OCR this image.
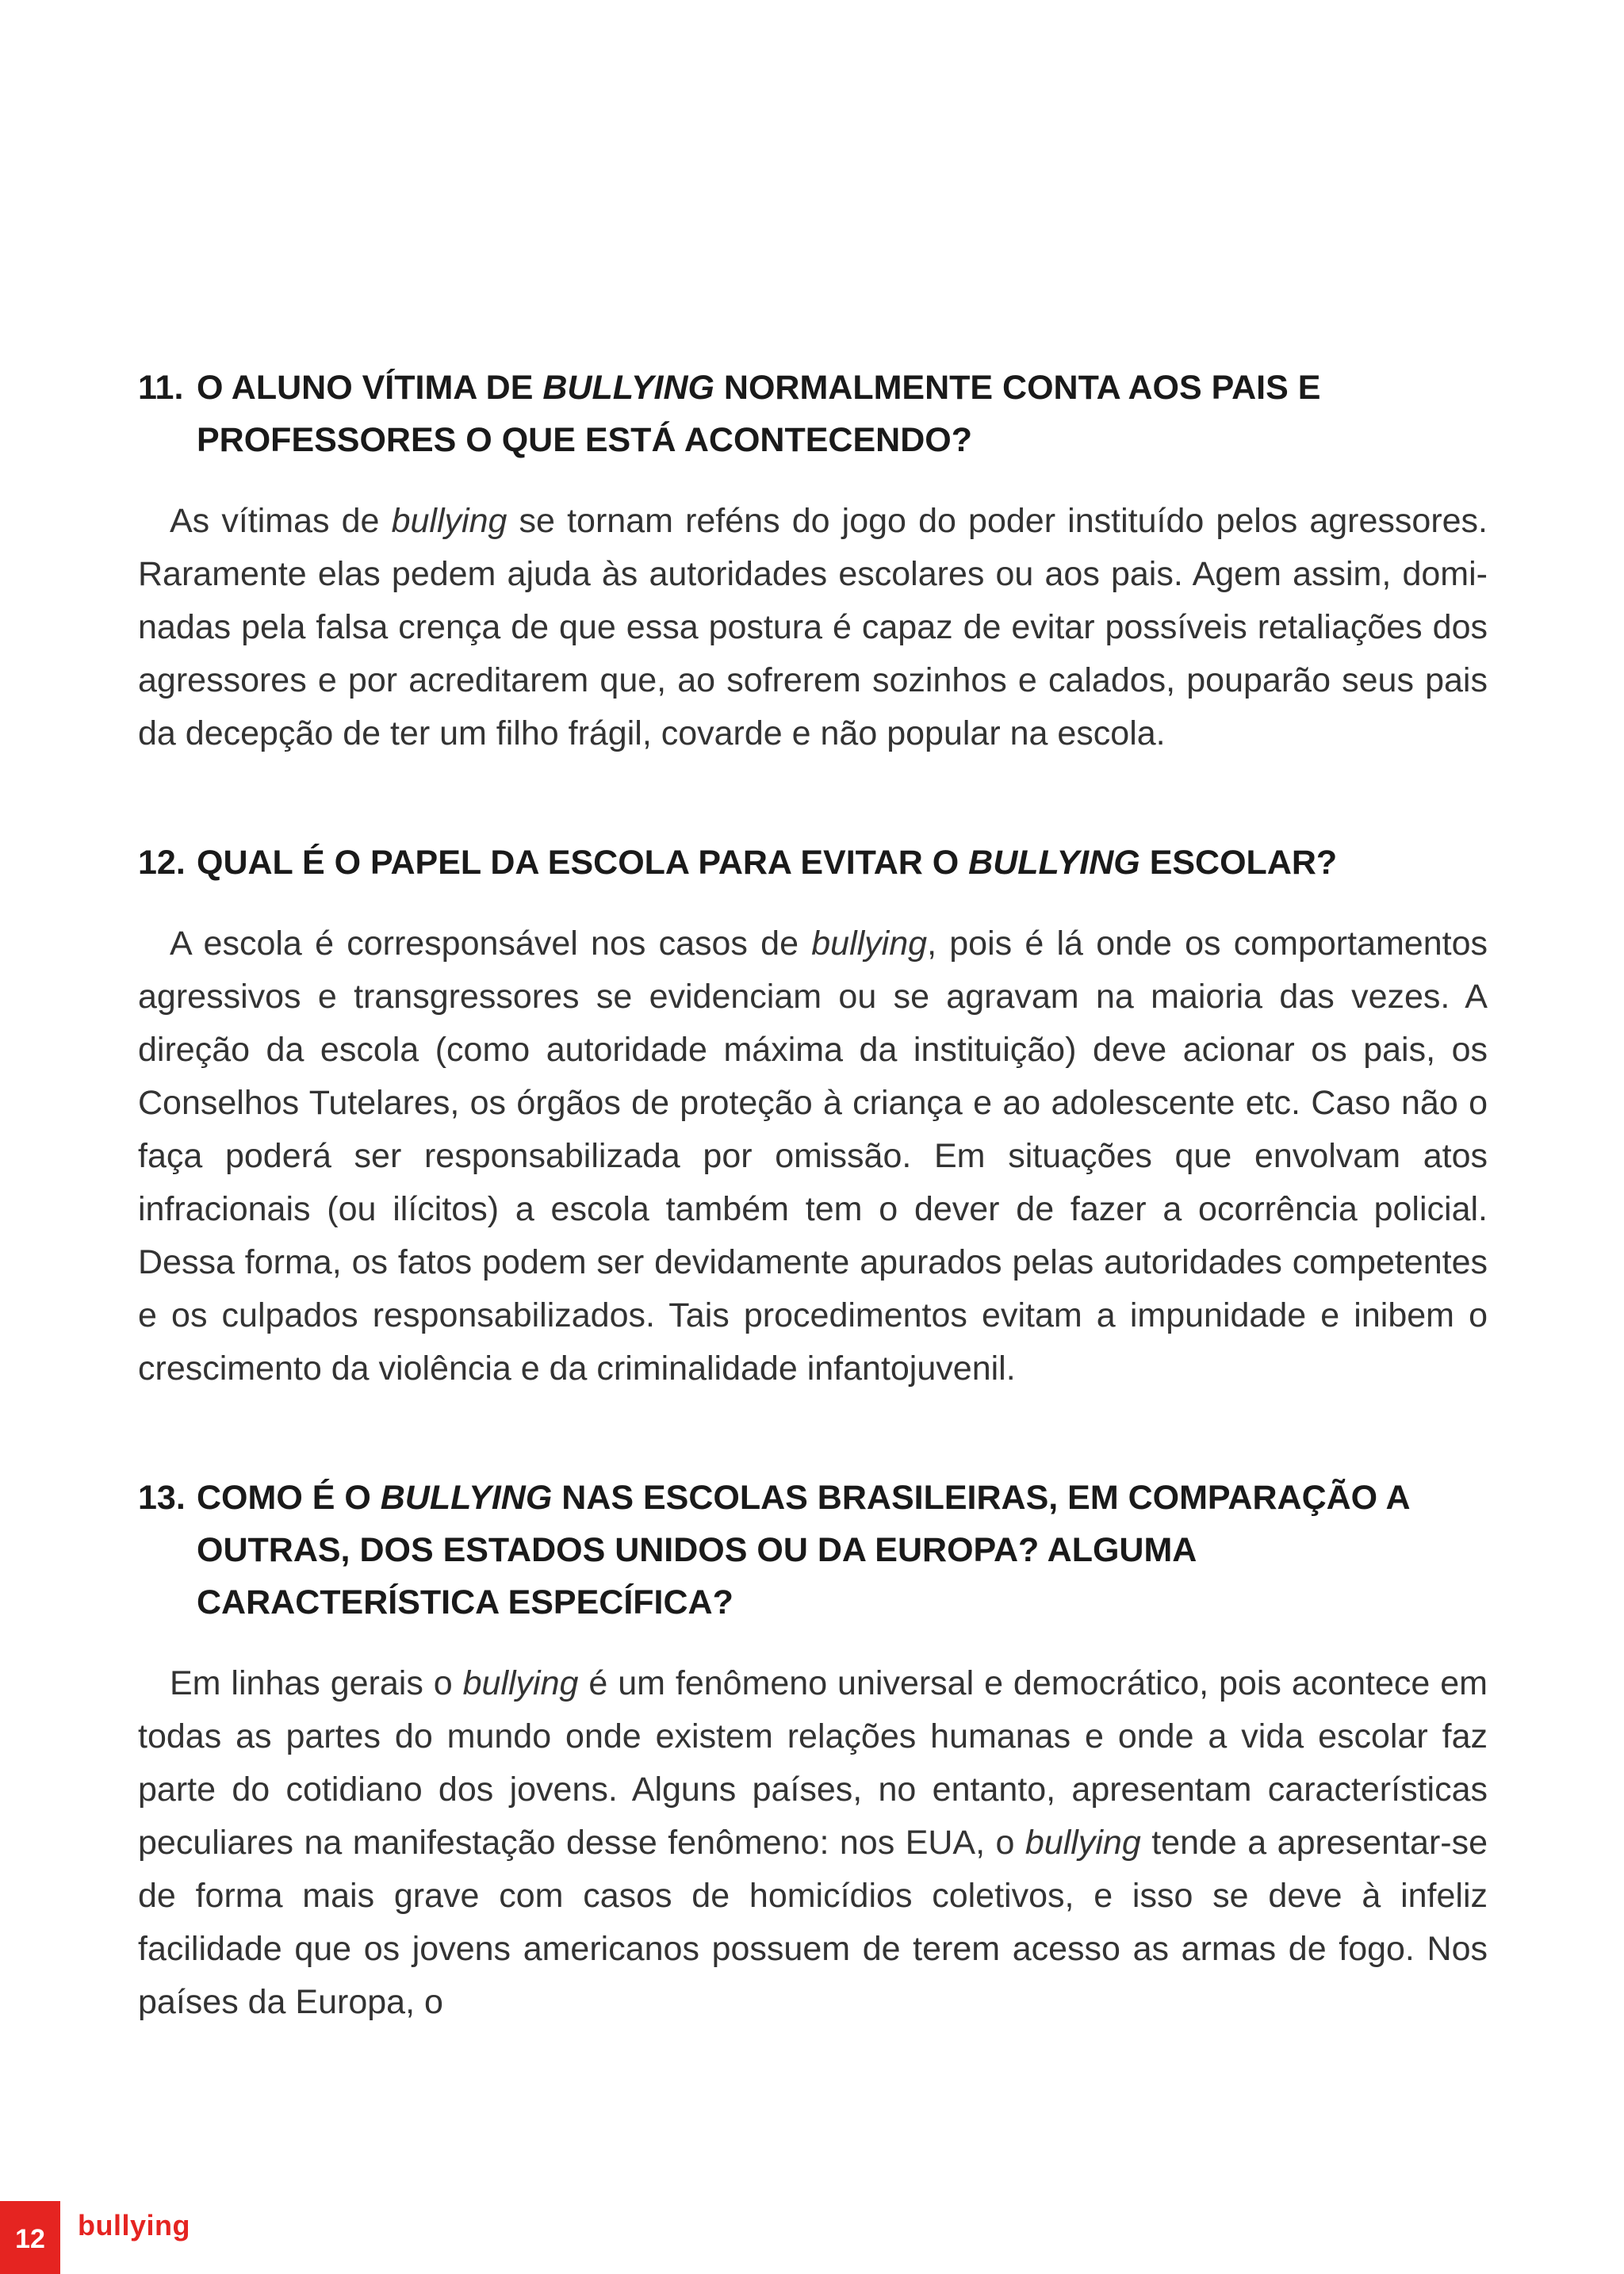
11. O ALUNO VÍTIMA DE BULLYING NORMALMENTE CONTA AOS PAIS E PROFESSORES O QUE ESTÁ ACONTECENDO?

As vítimas de bullying se tornam reféns do jogo do poder instituído pelos agressores. Raramente elas pedem ajuda às autoridades escolares ou aos pais. Agem assim, dominadas pela falsa crença de que essa postura é capaz de evitar possíveis retaliações dos agressores e por acreditarem que, ao sofrerem sozinhos e calados, pouparão seus pais da decepção de ter um filho frágil, covarde e não popular na escola.

12. QUAL É O PAPEL DA ESCOLA PARA EVITAR O BULLYING ESCOLAR?

A escola é corresponsável nos casos de bullying, pois é lá onde os comportamentos agressivos e transgressores se evidenciam ou se agravam na maioria das vezes. A direção da escola (como autoridade máxima da instituição) deve acionar os pais, os Conselhos Tutelares, os órgãos de proteção à criança e ao adolescente etc. Caso não o faça poderá ser responsabilizada por omissão. Em situações que envolvam atos infracionais (ou ilícitos) a escola também tem o dever de fazer a ocorrência policial. Dessa forma, os fatos podem ser devidamente apurados pelas autoridades competentes e os culpados responsabilizados. Tais procedimentos evitam a impunidade e inibem o crescimento da violência e da criminalidade infantojuvenil.

13. COMO É O BULLYING NAS ESCOLAS BRASILEIRAS, EM COMPARAÇÃO A OUTRAS, DOS ESTADOS UNIDOS OU DA EUROPA? ALGUMA CARACTERÍSTICA ESPECÍFICA?

Em linhas gerais o bullying é um fenômeno universal e democrático, pois acontece em todas as partes do mundo onde existem relações humanas e onde a vida escolar faz parte do cotidiano dos jovens. Alguns países, no entanto, apresentam características peculiares na manifestação desse fenômeno: nos EUA, o bullying tende a apresentar-se de forma mais grave com casos de homicídios coletivos, e isso se deve à infeliz facilidade que os jovens americanos possuem de terem acesso as armas de fogo. Nos países da Europa, o

12 bullying
